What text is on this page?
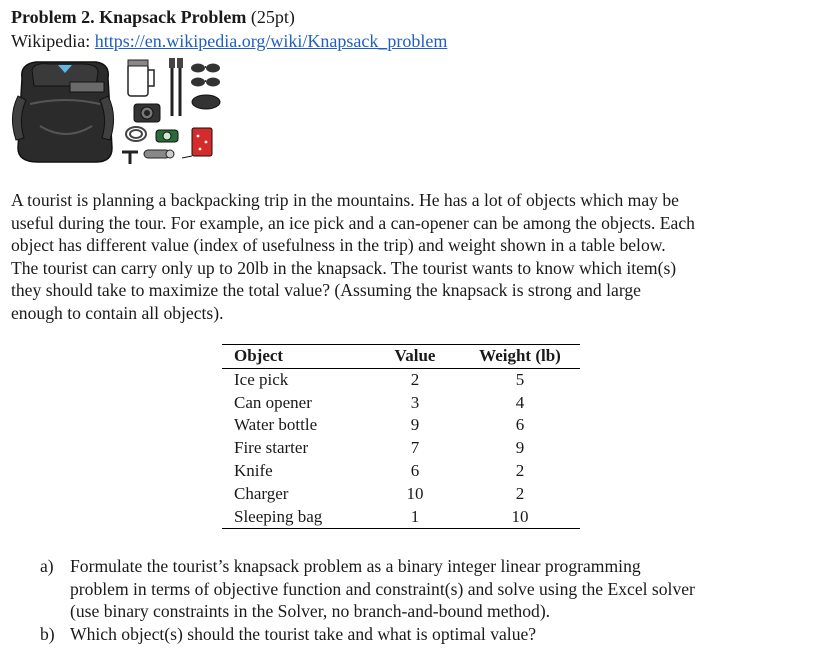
Problem 2. Knapsack Problem (25pt)
Wikipedia: https://en.wikipedia.org/wiki/Knapsack_problem
A tourist is planning a backpacking trip in the mountains. He has a lot of objects which may be
useful during the tour. For example, an ice pick and a can-opener can be among the objects. Each
object has different value (index of usefulness in the trip) and weight shown in a table below.
The tourist can carry only up to 20lb in the knapsack. The tourist wants to know which item(s)
they should take to maximize the total value? (Assuming the knapsack is strong and large
enough to contain all objects).
Object	Value	Weight (lb)
Ice pick	2	5
Can opener	3	4
Water bottle	9	6
Fire starter	7	9
Knife	6	2
Charger	10	2
Sleeping bag	1	10
a) Formulate the tourist’s knapsack problem as a binary integer linear programming
problem in terms of objective function and constraint(s) and solve using the Excel solver
(use binary constraints in the Solver, no branch-and-bound method).
b) Which object(s) should the tourist take and what is optimal value?
